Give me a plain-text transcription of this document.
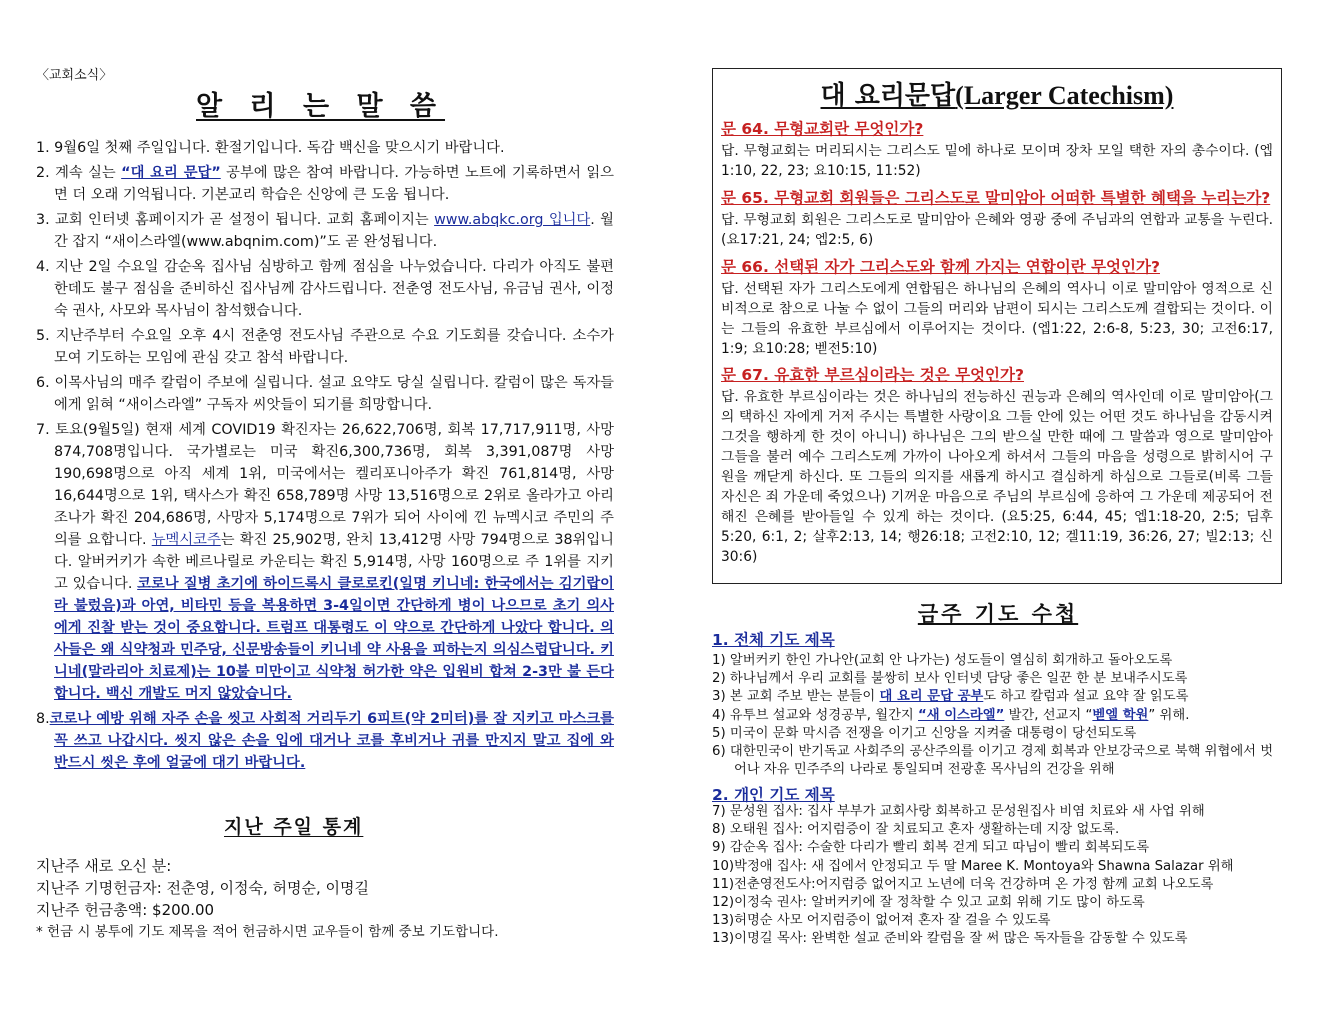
〈교회소식〉
알 리 는 말 씀
1. 9월6일 첫째 주일입니다. 환절기입니다. 독감 백신을 맞으시기 바랍니다.
2. 계속 실는 “대 요리 문답” 공부에 많은 참여 바랍니다. 가능하면 노트에 기록하면서 읽으면 더 오래 기억됩니다. 기본교리 학습은 신앙에 큰 도움 됩니다.
3. 교회 인터넷 홈페이지가 곧 설정이 됩니다. 교회 홈페이지는 www.abqkc.org 입니다. 월간 잡지 “새이스라엘(www.abqnim.com)”도 곧 완성됩니다.
4. 지난 2일 수요일 감순옥 집사님 심방하고 함께 점심을 나누었습니다. 다리가 아직도 불편한데도 불구 점심을 준비하신 집사님께 감사드립니다. 전춘영 전도사님, 유금님 권사, 이정숙 권사, 사모와 목사님이 참석했습니다.
5. 지난주부터 수요일 오후 4시 전춘영 전도사님 주관으로 수요 기도회를 갖습니다. 소수가 모여 기도하는 모임에 관심 갖고 참석 바랍니다.
6. 이목사님의 매주 칼럼이 주보에 실립니다. 설교 요약도 당실 실립니다. 칼럼이 많은 독자들에게 읽혀 “새이스라엘” 구독자 씨앗들이 되기를 희망합니다.
7. 토요(9월5일) 현재 세계 COVID19 확진자는 26,622,706명, 회복 17,717,911명, 사망 874,708명입니다. 국가별로는 미국 확진6,300,736명, 회복 3,391,087명 사망 190,698명으로 아직 세계 1위, 미국에서는 켈리포니아주가 확진 761,814명, 사망 16,644명으로 1위, 택사스가 확진 658,789명 사망 13,516명으로 2위로 올라가고 아리조나가 확진 204,686명, 사망자 5,174명으로 7위가 되어 사이에 낀 뉴멕시코 주민의 주의를 요합니다. 뉴멕시코주는 확진 25,902명, 완치 13,412명 사망 794명으로 38위입니다. 알버커키가 속한 베르나릴로 카운티는 확진 5,914명, 사망 160명으로 주 1위를 지키고 있습니다. 코로나 질병 초기에 하이드록시 클로로킨(일명 키니네: 한국에서는 김기랍이라 불렀음)과 아연, 비타민 등을 복용하면 3-4일이면 간단하게 병이 나으므로 초기 의사에게 진찰 받는 것이 중요합니다. 트럼프 대통령도 이 약으로 간단하게 나았다 합니다. 의사들은 왜 식약청과 민주당, 신문방송들이 키니네 약 사용을 피하는지 의심스럽답니다. 키니네(말라리아 치료제)는 10불 미만이고 식약청 허가한 약은 입원비 합쳐 2-3만 불 든다 합니다. 백신 개발도 머지 않았습니다.
8.코로나 예방 위해 자주 손을 씻고 사회적 거리두기 6피트(약 2미터)를 잘 지키고 마스크를 꼭 쓰고 나갑시다. 씻지 않은 손을 입에 대거나 코를 후비거나 귀를 만지지 말고 집에 와 반드시 씻은 후에 얼굴에 대기 바랍니다.
지난 주일 통계
지난주 새로 오신 분:
지난주 기명헌금자: 전춘영, 이정숙, 허명순, 이명길
지난주 헌금총액: $200.00
* 헌금 시 봉투에 기도 제목을 적어 헌금하시면 교우들이 함께 중보 기도합니다.
대 요리문답(Larger Catechism)
문 64. 무형교회란 무엇인가?
답. 무형교회는 머리되시는 그리스도 밑에 하나로 모이며 장차 모일 택한 자의 총수이다. (엡1:10, 22, 23; 요10:15, 11:52)
문 65. 무형교회 회원들은 그리스도로 말미암아 어떠한 특별한 혜택을 누리는가?
답. 무형교회 회원은 그리스도로 말미암아 은혜와 영광 중에 주님과의 연합과 교통을 누린다. (요17:21, 24; 엡2:5, 6)
문 66. 선택된 자가 그리스도와 함께 가지는 연합이란 무엇인가?
답. 선택된 자가 그리스도에게 연합됨은 하나님의 은혜의 역사니 이로 말미암아 영적으로 신비적으로 참으로 나눌 수 없이 그들의 머리와 남편이 되시는 그리스도께 결합되는 것이다. 이는 그들의 유효한 부르심에서 이루어지는 것이다. (엡1:22, 2:6-8, 5:23, 30; 고전6:17, 1:9; 요10:28; 벧전5:10)
문 67. 유효한 부르심이라는 것은 무엇인가?
답. 유효한 부르심이라는 것은 하나님의 전능하신 권능과 은혜의 역사인데 이로 말미암아(그의 택하신 자에게 거저 주시는 특별한 사랑이요 그들 안에 있는 어떤 것도 하나님을 감동시켜 그것을 행하게 한 것이 아니니) 하나님은 그의 받으실 만한 때에 그 말씀과 영으로 말미암아 그들을 불러 예수 그리스도께 가까이 나아오게 하셔서 그들의 마음을 성령으로 밝히시어 구원을 깨닫게 하신다. 또 그들의 의지를 새롭게 하시고 결심하게 하심으로 그들로(비록 그들 자신은 죄 가운데 죽었으나) 기꺼운 마음으로 주님의 부르심에 응하여 그 가운데 제공되어 전해진 은혜를 받아들일 수 있게 하는 것이다. (요5:25, 6:44, 45; 엡1:18-20, 2:5; 딤후5:20, 6:1, 2; 살후2:13, 14; 행26:18; 고전2:10, 12; 겔11:19, 36:26, 27; 빌2:13; 신30:6)
금주 기도 수첩
1. 전체 기도 제목
1) 알버커키 한인 가나안(교회 안 나가는) 성도들이 열심히 회개하고 돌아오도록
2) 하나님께서 우리 교회를 불쌍히 보사 인터넷 담당 좋은 일꾼 한 분 보내주시도록
3) 본 교회 주보 받는 분들이 대 요리 문답 공부도 하고 칼럼과 설교 요약 잘 읽도록
4) 유투브 설교와 성경공부, 월간지 “새 이스라엘” 발간, 선교지 “벧엘 학원” 위해.
5) 미국이 문화 막시즘 전쟁을 이기고 신앙을 지켜줄 대통령이 당선되도록
6) 대한민국이 반기독교 사회주의 공산주의를 이기고 경제 회복과 안보강국으로 북핵 위협에서 벗어나 자유 민주주의 나라로 통일되며 전광훈 목사님의 건강을 위해
2. 개인 기도 제목
7) 문성원 집사: 집사 부부가 교회사랑 회복하고 문성원집사 비염 치료와 새 사업 위해
8) 오태원 집사: 어지럼증이 잘 치료되고 혼자 생활하는데 지장 없도록.
9) 감순옥 집사: 수술한 다리가 빨리 회복 걷게 되고 따님이 빨리 회복되도록
10)박정애 집사: 새 집에서 안정되고 두 딸 Maree K. Montoya와 Shawna Salazar 위해
11)전춘영전도사:어지럼증 없어지고 노년에 더욱 건강하며 온 가정 함께 교회 나오도록
12)이정숙 권사: 알버커키에 잘 정착할 수 있고 교회 위해 기도 많이 하도록
13)허명순 사모 어지럼증이 없어져 혼자 잘 걸을 수 있도록
13)이명길 목사: 완벽한 설교 준비와 칼럼을 잘 써 많은 독자들을 감동할 수 있도록
